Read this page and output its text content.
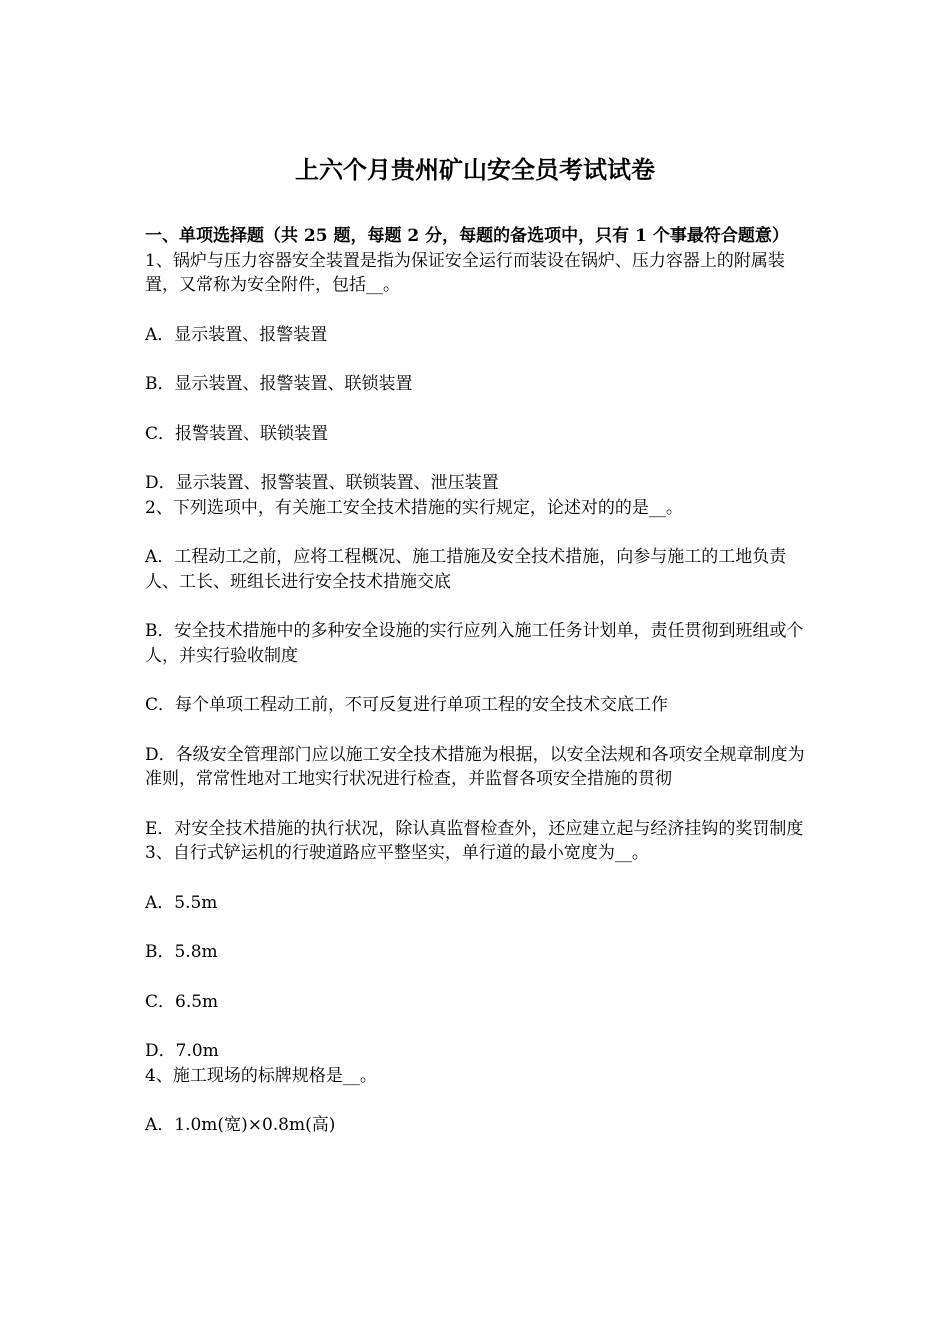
上六个月贵州矿山安全员考试试卷

一、单项选择题（共 25 题，每题 2 分，每题的备选项中，只有 1 个事最符合题意）

1、锅炉与压力容器安全装置是指为保证安全运行而装设在锅炉、压力容器上的附属装置，又常称为安全附件，包括__。

A．显示装置、报警装置

B．显示装置、报警装置、联锁装置

C．报警装置、联锁装置

D．显示装置、报警装置、联锁装置、泄压装置

2、下列选项中，有关施工安全技术措施的实行规定，论述对的的是__。

A．工程动工之前，应将工程概况、施工措施及安全技术措施，向参与施工的工地负责人、工长、班组长进行安全技术措施交底

B．安全技术措施中的多种安全设施的实行应列入施工任务计划单，责任贯彻到班组或个人，并实行验收制度

C．每个单项工程动工前，不可反复进行单项工程的安全技术交底工作

D．各级安全管理部门应以施工安全技术措施为根据，以安全法规和各项安全规章制度为准则，常常性地对工地实行状况进行检查，并监督各项安全措施的贯彻

E．对安全技术措施的执行状况，除认真监督检查外，还应建立起与经济挂钩的奖罚制度

3、自行式铲运机的行驶道路应平整坚实，单行道的最小宽度为__。

A．5.5m

B．5.8m

C．6.5m

D．7.0m

4、施工现场的标牌规格是__。

A．1.0m(宽)×0.8m(高)
